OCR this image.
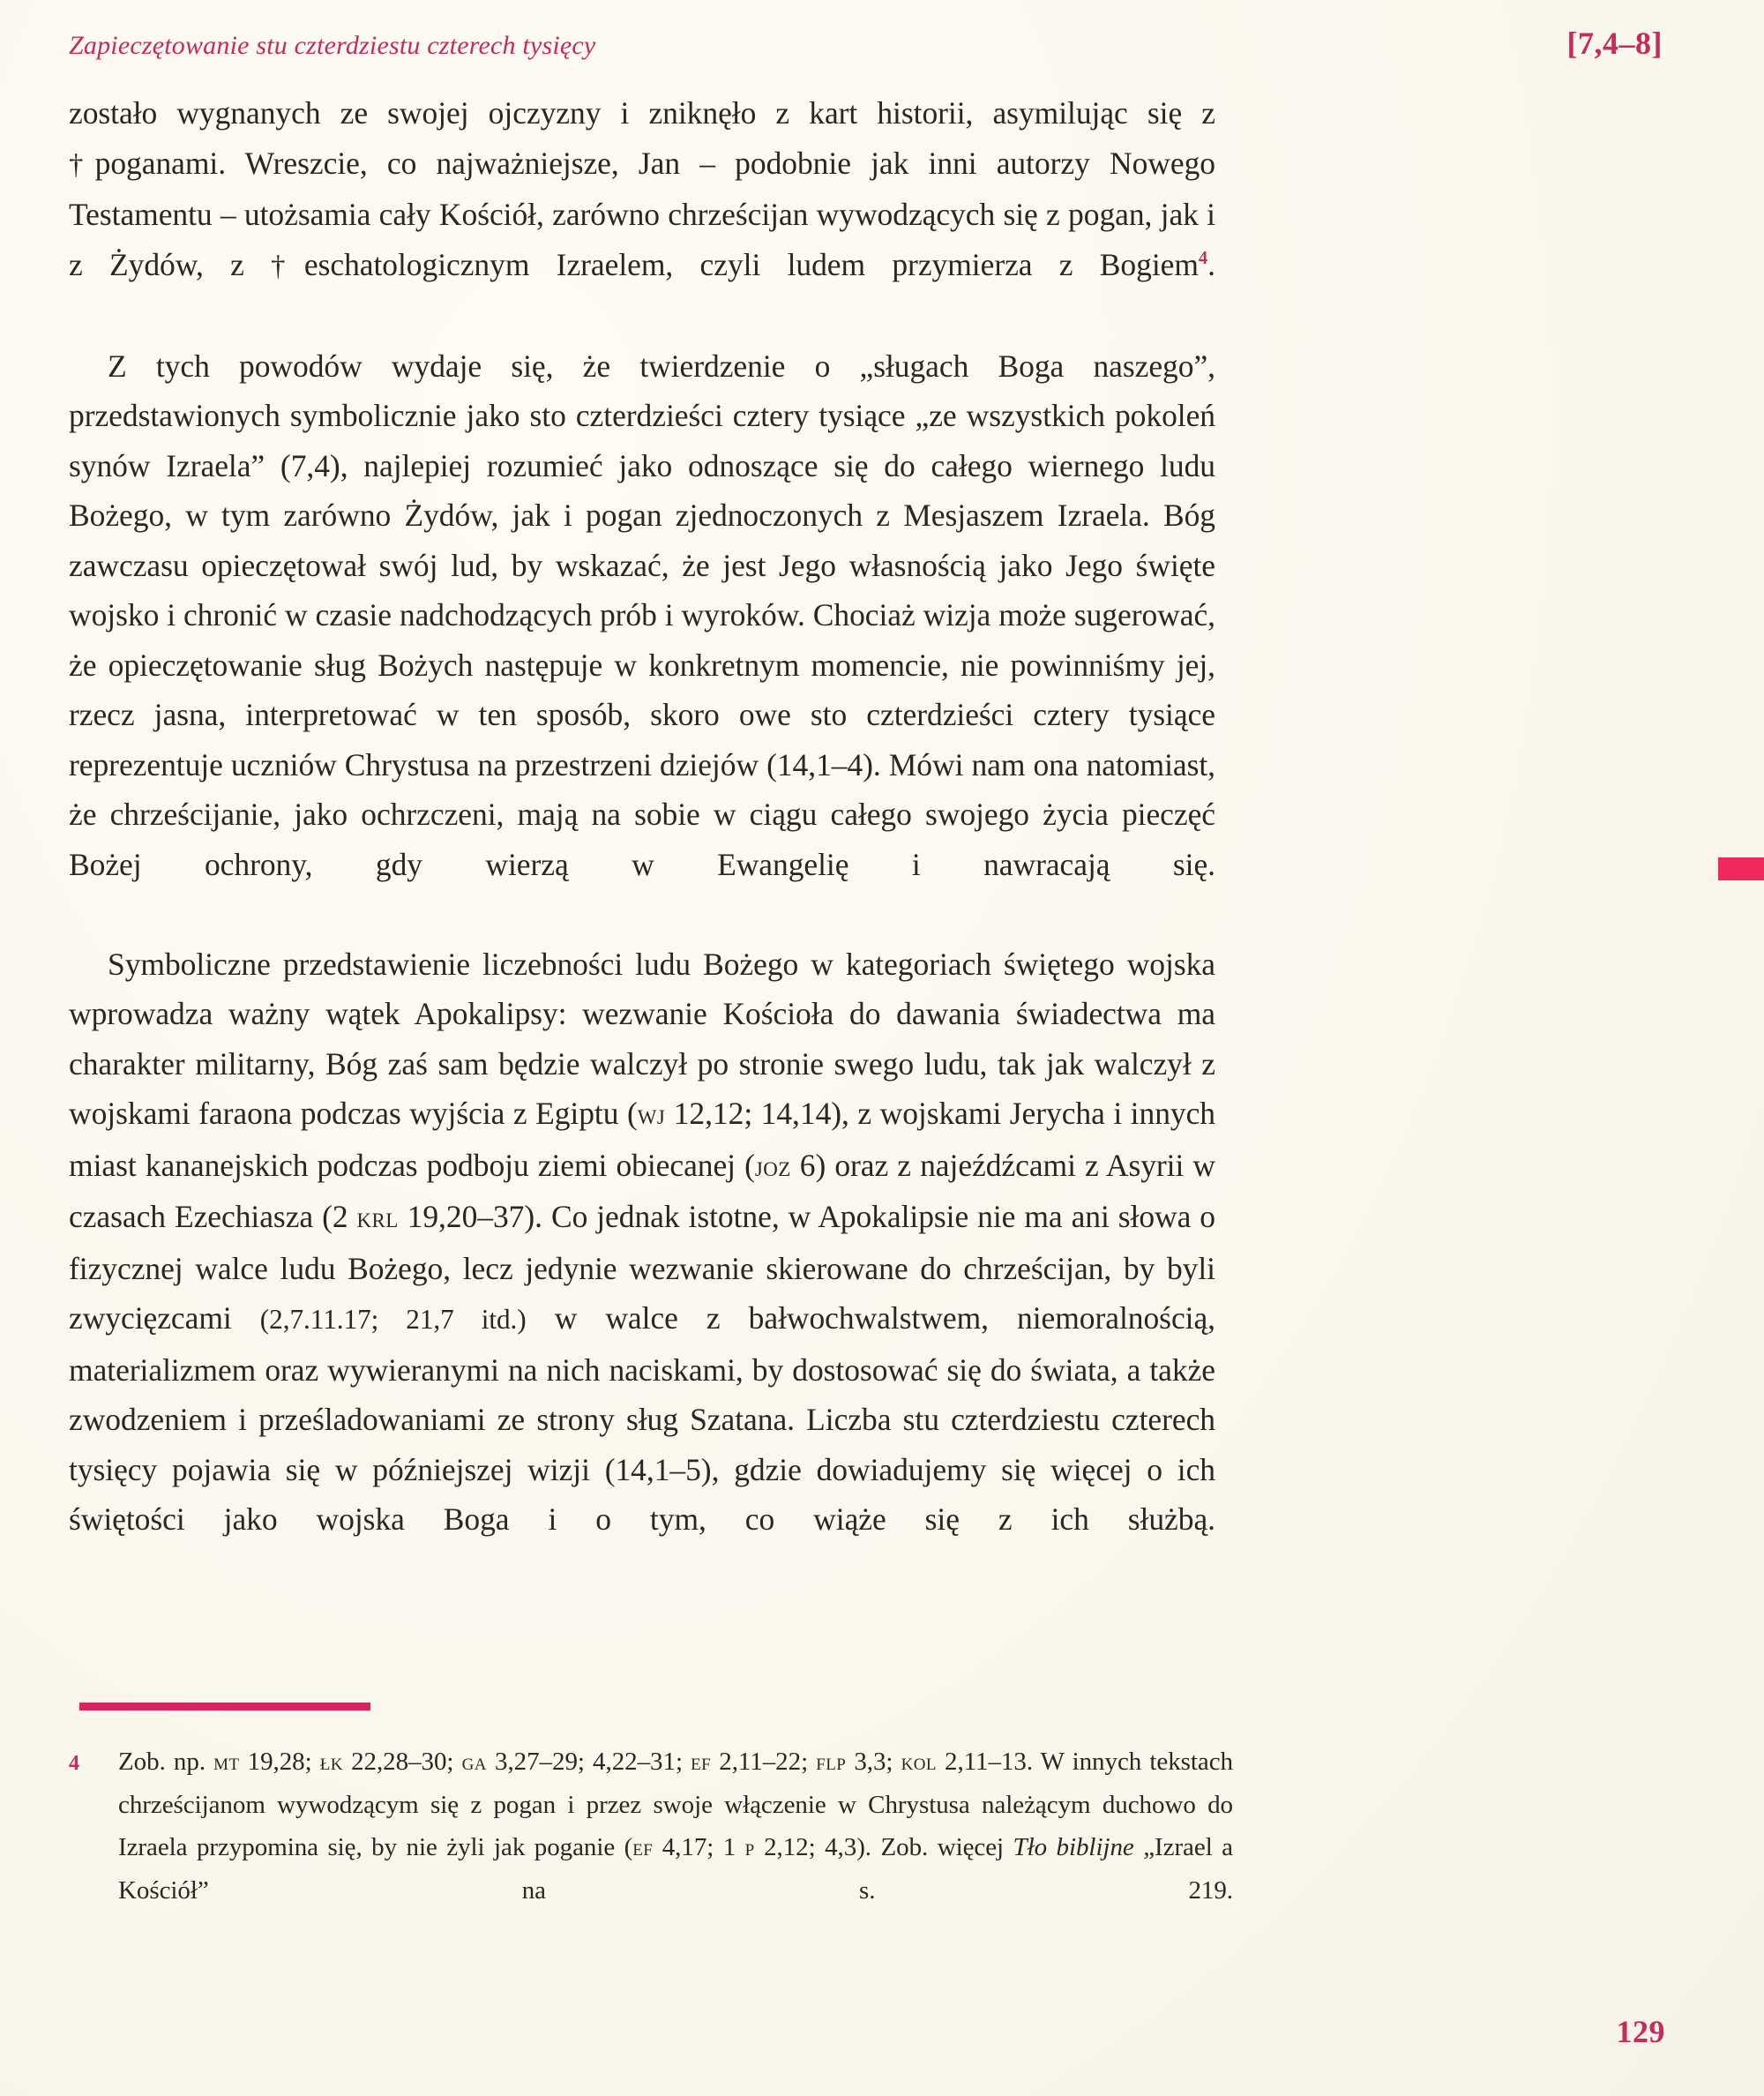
Zapieczętowanie stu czterdziestu czterech tysięcy	[7,4–8]

zostało wygnanych ze swojej ojczyzny i zniknęło z kart historii, asymilując się z †poganami. Wreszcie, co najważniejsze, Jan – podobnie jak inni autorzy Nowego Testamentu – utożsamia cały Kościół, zarówno chrześcijan wywodzących się z pogan, jak i z Żydów, z †eschatologicznym Izraelem, czyli ludem przymierza z Bogiem$^4$.

Z tych powodów wydaje się, że twierdzenie o „sługach Boga naszego”, przedstawionych symbolicznie jako sto czterdzieści cztery tysiące „ze wszystkich pokoleń synów Izraela” (7,4), najlepiej rozumieć jako odnoszące się do całego wiernego ludu Bożego, w tym zarówno Żydów, jak i pogan zjednoczonych z Mesjaszem Izraela. Bóg zawczasu opieczętował swój lud, by wskazać, że jest Jego własnością jako Jego święte wojsko i chronić w czasie nadchodzących prób i wyroków. Chociaż wizja może sugerować, że opieczętowanie sług Bożych następuje w konkretnym momencie, nie powinniśmy jej, rzecz jasna, interpretować w ten sposób, skoro owe sto czterdzieści cztery tysiące reprezentuje uczniów Chrystusa na przestrzeni dziejów (14,1–4). Mówi nam ona natomiast, że chrześcijanie, jako ochrzczeni, mają na sobie w ciągu całego swojego życia pieczęć Bożej ochrony, gdy wierzą w Ewangelię i nawracają się.

Symboliczne przedstawienie liczebności ludu Bożego w kategoriach świętego wojska wprowadza ważny wątek Apokalipsy: wezwanie Kościoła do dawania świadectwa ma charakter militarny, Bóg zaś sam będzie walczył po stronie swego ludu, tak jak walczył z wojskami faraona podczas wyjścia z Egiptu (wj 12,12; 14,14), z wojskami Jerycha i innych miast kananejskich podczas podboju ziemi obiecanej (joz 6) oraz z najeźdźcami z Asyrii w czasach Ezechiasza (2 krl 19,20–37). Co jednak istotne, w Apokalipsie nie ma ani słowa o fizycznej walce ludu Bożego, lecz jedynie wezwanie skierowane do chrześcijan, by byli zwycięzcami (2,7.11.17; 21,7 itd.) w walce z bałwochwalstwem, niemoralnością, materializmem oraz wywieranymi na nich naciskami, by dostosować się do świata, a także zwodzeniem i prześladowaniami ze strony sług Szatana. Liczba stu czterdziestu czterech tysięcy pojawia się w późniejszej wizji (14,1–5), gdzie dowiadujemy się więcej o ich świętości jako wojska Boga i o tym, co wiąże się z ich służbą.

4	Zob. np. mt 19,28; łk 22,28–30; ga 3,27–29; 4,22–31; ef 2,11–22; flp 3,3; kol 2,11–13. W innych tekstach chrześcijanom wywodzącym się z pogan i przez swoje włączenie w Chrystusa należącym duchowo do Izraela przypomina się, by nie żyli jak poganie (ef 4,17; 1 p 2,12; 4,3). Zob. więcej Tło biblijne „Izrael a Kościół” na s. 219.
129
